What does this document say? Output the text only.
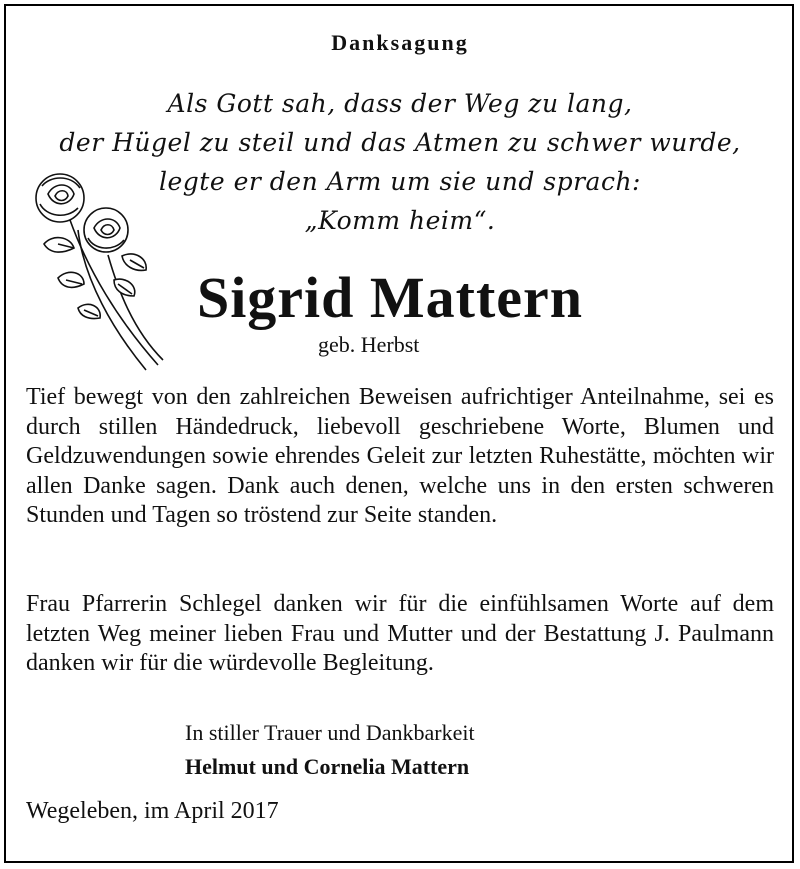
Danksagung
Als Gott sah, dass der Weg zu lang,
der Hügel zu steil und das Atmen zu schwer wurde,
legte er den Arm um sie und sprach:
„Komm heim“.
Sigrid Mattern
geb. Herbst
Tief bewegt von den zahlreichen Beweisen aufrichtiger Anteilnahme, sei es durch stillen Händedruck, liebevoll geschriebene Worte, Blumen und Geldzuwendungen sowie ehrendes Geleit zur letzten Ruhestätte, möchten wir allen Danke sagen. Dank auch denen, welche uns in den ersten schweren Stunden und Tagen so tröstend zur Seite standen.
Frau Pfarrerin Schlegel danken wir für die einfühlsamen Worte auf dem letzten Weg meiner lieben Frau und Mutter und der Bestattung J. Paulmann danken wir für die würdevolle Begleitung.
In stiller Trauer und Dankbarkeit
Helmut und Cornelia Mattern
Wegeleben, im April 2017
